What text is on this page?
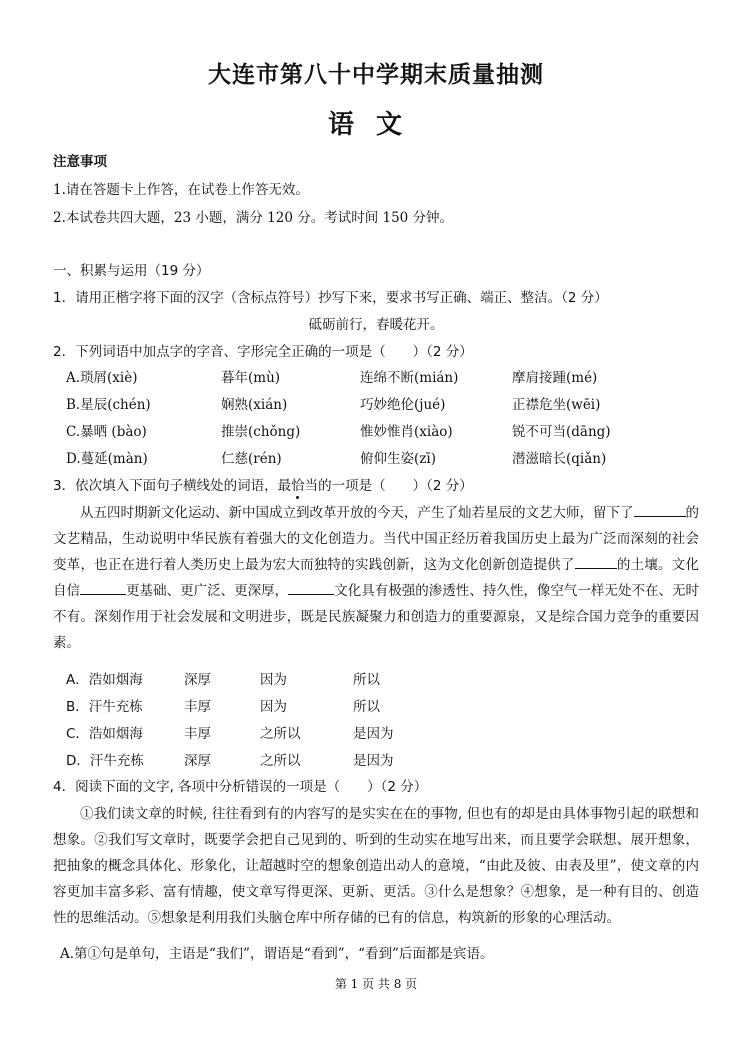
大连市第八十中学期末质量抽测
语文
注意事项
1.请在答题卡上作答，在试卷上作答无效。
2.本试卷共四大题，23 小题，满分 120 分。考试时间 150 分钟。
一、积累与运用（19 分）
1．请用正楷字将下面的汉字（含标点符号）抄写下来，要求书写正确、端正、整洁。（2 分）
砥砺前行，春暖花开。
2．下列词语中加点字的字音、字形完全正确的一项是（　　）（2 分）
A.琐屑(xiè)	暮年(mù)	连绵不断(mián)	摩肩接踵(mé)
B.星辰(chén)	娴熟(xián)	巧妙绝伦(jué)	正襟危坐(wēi)
C.暴晒 (bào)	推崇(chǒng)	惟妙惟肖(xiào)	锐不可当(dāng)
D.蔓延(màn)	仁慈(rén)	俯仰生姿(zī)	潜滋暗长(qiǎn)
3．依次填入下面句子横线处的词语，最恰当的一项是（　　）（2 分）
从五四时期新文化运动、新中国成立到改革开放的今天，产生了灿若星辰的文艺大师，留下了	的文艺精品，生动说明中华民族有着强大的文化创造力。当代中国正经历着我国历史上最为广泛而深刻的社会变革，也正在进行着人类历史上最为宏大而独特的实践创新，这为文化创新创造提供了	的土壤。文化自信	更基础、更广泛、更深厚，	文化具有极强的渗透性、持久性，像空气一样无处不在、无时不有。深刻作用于社会发展和文明进步，既是民族凝聚力和创造力的重要源泉，又是综合国力竞争的重要因素。
A．浩如烟海	深厚	因为	所以
B．汗牛充栋	丰厚	因为	所以
C．浩如烟海	丰厚	之所以	是因为
D．汗牛充栋	深厚	之所以	是因为
4．阅读下面的文字, 各项中分析错误的一项是（　　）（2 分）
①我们读文章的时候, 往往看到有的内容写的是实实在在的事物, 但也有的却是由具体事物引起的联想和想象。②我们写文章时，既要学会把自己见到的、听到的生动实在地写出来，而且要学会联想、展开想象，把抽象的概念具体化、形象化，让超越时空的想象创造出动人的意境，“由此及彼、由表及里”，使文章的内容更加丰富多彩、富有情趣，使文章写得更深、更新、更活。③什么是想象？④想象，是一种有目的、创造性的思维活动。⑤想象是利用我们头脑仓库中所存储的已有的信息，构筑新的形象的心理活动。
A.第①句是单句，主语是“我们”，谓语是“看到”，“看到”后面都是宾语。
第 1 页 共 8 页
